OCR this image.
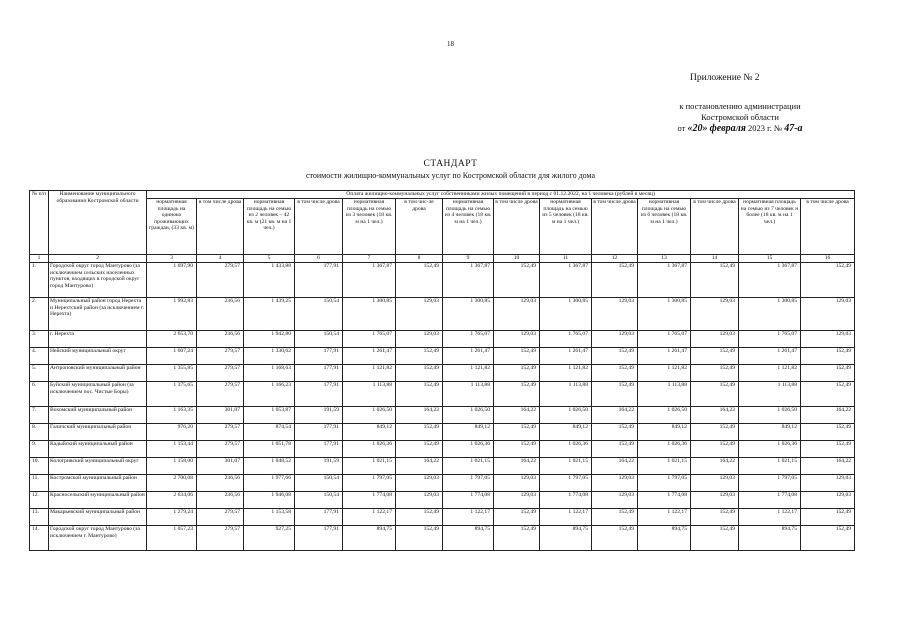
18
Приложение № 2
к постановлению администрации
Костромской области
от «20» февраля 2023 г. № 47-а
СТАНДАРТ
стоимости жилищно-коммунальных услуг по Костромской области для жилого дома
№ п/п	Наименование муниципального образования Костромской области	Оплата жилищно-коммунальных услуг собственниками жилых помещений в период с 01.12.2022, на 1 человека (рублей в месяц)													
		нормативная площадь на одиноко проживающих граждан, (33 кв. м)	в том числе дрова	нормативная площадь на семью из 2 человек – 42 кв. м (21 кв. м на 1 чел.)	в том числе дрова	нормативная площадь на семью из 3 человек (18 кв. м на 1 чел.)	в том чис-ле дрова	нормативная площадь на семью из 4 человек (18 кв. м на 1 чел.)	в том числе дрова	нормативная площадь на семью из 5 человек (18 кв. м на 1 чел.)	в том числе дрова	нормативная площадь на семью из 6 человек (18 кв. м на 1 чел.)	в том числе дрова	нормативная площадь на семью из 7 человек и более (18 кв. м на 1 чел.)	в том числе дрова
1	2	3	4	5	6	7	8	9	10	11	12	13	14	15	16
1.	Городской округ город Мантурово (за исключением сельских населенных пунктов, входящих в городской округ город Мантурово)	1 697,90	279,57	1 433,88	177,91	1 367,87	152,49	1 367,87	152,49	1 367,87	152,49	1 367,87	152,49	1 367,87	152,49
2.	Муниципальный район город Нерехта и Нерехтский район (за исключением г. Нерехта)	1 992,83	236,56	1 439,25	150,54	1 300,85	129,03	1 300,85	129,03	1 300,85	129,03	1 300,85	129,03	1 300,85	129,03
3.	г. Нерехта	2 653,70	236,56	1 942,80	150,54	1 765,07	129,03	1 765,07	129,03	1 765,07	129,03	1 765,07	129,03	1 765,07	129,03
4.	Нейский муниципальный округ	1 607,24	279,57	1 330,62	177,91	1 261,47	152,49	1 261,47	152,49	1 261,47	152,49	1 261,47	152,49	1 261,47	152,49
5.	Антроповский муниципальный район	1 355,85	279,57	1 168,63	177,91	1 121,82	152,49	1 121,82	152,49	1 121,82	152,49	1 121,82	152,49	1 121,82	152,49
6.	Буйский муниципальный район (за исключением пос. Чистые Боры)	1 375,65	279,57	1 166,23	177,91	1 113,88	152,49	1 113,88	152,49	1 113,88	152,49	1 113,88	152,49	1 113,88	152,49
7.	Вохомский муниципальный район	1 163,35	301,07	1 053,87	191,59	1 026,50	164,22	1 026,50	164,22	1 026,50	164,22	1 026,50	164,22	1 026,50	164,22
8.	Галичский муниципальный район	976,20	279,57	874,54	177,91	849,12	152,49	849,12	152,49	849,12	152,49	849,12	152,49	849,12	152,49
9.	Кадыйский муниципальный район	1 153,44	279,57	1 051,78	177,91	1 026,36	152,49	1 026,36	152,49	1 026,36	152,49	1 026,36	152,49	1 026,36	152,49
10.	Кологривский муниципальный округ	1 158,00	301,07	1 048,52	191,59	1 021,15	164,22	1 021,15	164,22	1 021,15	164,22	1 021,15	164,22	1 021,15	164,22
11.	Костромской муниципальный район	2 700,08	236,56	1 977,66	150,54	1 797,05	129,03	1 797,05	129,03	1 797,05	129,03	1 797,05	129,03	1 797,05	129,03
12.	Красносельский муниципальный район	2 634,06	236,56	1 946,08	150,54	1 774,08	129,03	1 774,08	129,03	1 774,08	129,03	1 774,08	129,03	1 774,08	129,03
13.	Макарьевский муниципальный район	1 279,24	279,57	1 153,58	177,91	1 122,17	152,49	1 122,17	152,49	1 122,17	152,49	1 122,17	152,49	1 122,17	152,49
14.	Городской округ город Мантурово (за исключением г. Мантурово)	1 057,23	279,57	927,25	177,91	894,75	152,49	894,75	152,49	894,75	152,49	894,75	152,49	894,75	152,49
